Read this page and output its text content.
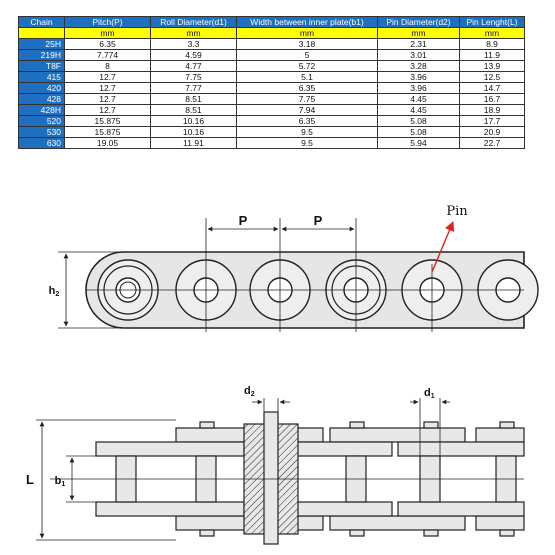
Chain	Pitch(P)	Roll Diameter(d1)	Width between inner plate(b1)	Pin Diameter(d2)	Pin Lenght(L)
	mm	mm	mm	mm	mm
25H	6.35	3.3	3.18	2.31	8.9
219H	7.774	4.59	5	3.01	11.9
T8F	8	4.77	5.72	3.28	13.9
415	12.7	7.75	5.1	3.96	12.5
420	12.7	7.77	6.35	3.96	14.7
428	12.7	8.51	7.75	4.45	16.7
428H	12.7	8.51	7.94	4.45	18.9
520	15.875	10.16	6.35	5.08	17.7
530	15.875	10.16	9.5	5.08	20.9
630	19.05	11.91	9.5	5.94	22.7
P	P
h2
Pin
d2	d1
b1
L
